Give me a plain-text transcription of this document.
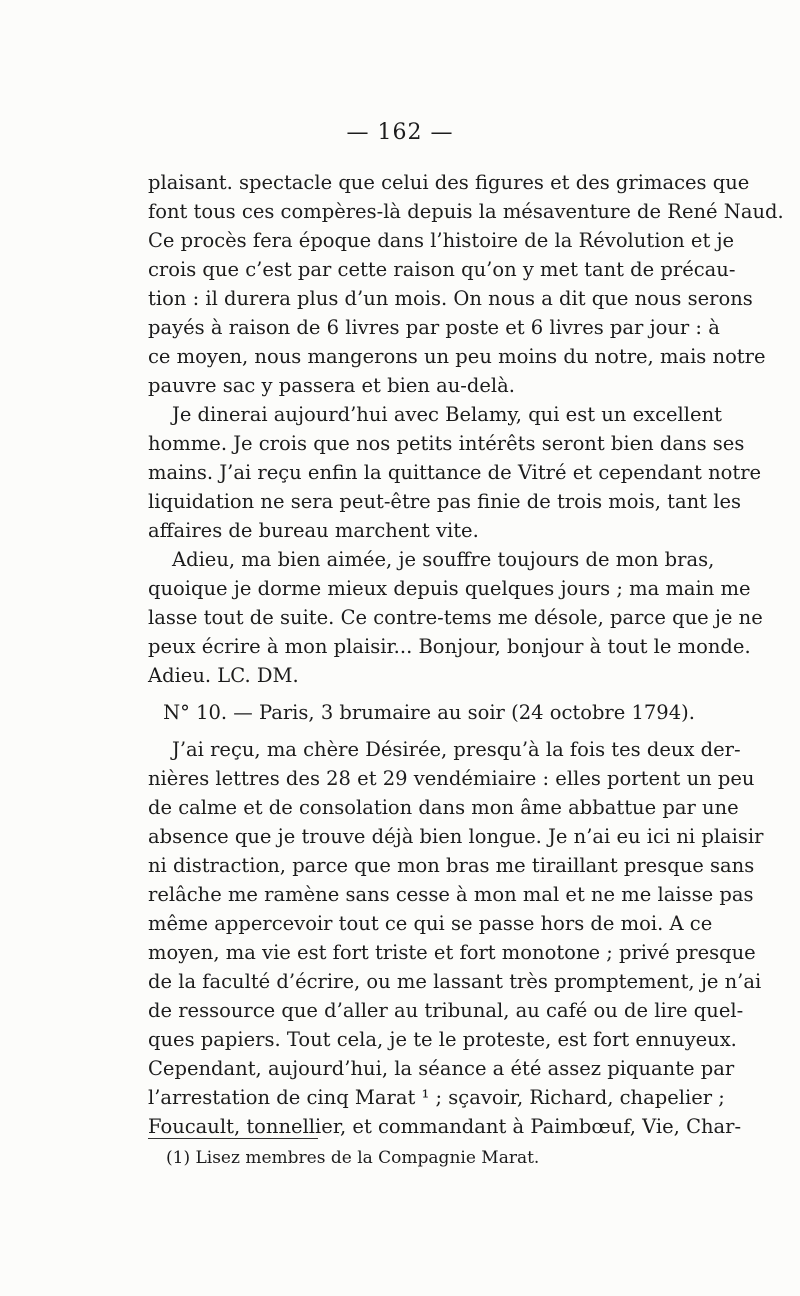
— 162 —
plaisant. spectacle que celui des figures et des grimaces que
font tous ces compères-là depuis la mésaventure de René Naud.
Ce procès fera époque dans l’histoire de la Révolution et je
crois que c’est par cette raison qu’on y met tant de précau-
tion : il durera plus d’un mois. On nous a dit que nous serons
payés à raison de 6 livres par poste et 6 livres par jour : à
ce moyen, nous mangerons un peu moins du notre, mais notre
pauvre sac y passera et bien au-delà.
Je dinerai aujourd’hui avec Belamy, qui est un excellent
homme. Je crois que nos petits intérêts seront bien dans ses
mains. J’ai reçu enfin la quittance de Vitré et cependant notre
liquidation ne sera peut-être pas finie de trois mois, tant les
affaires de bureau marchent vite.
Adieu, ma bien aimée, je souffre toujours de mon bras,
quoique je dorme mieux depuis quelques jours ; ma main me
lasse tout de suite. Ce contre-tems me désole, parce que je ne
peux écrire à mon plaisir... Bonjour, bonjour à tout le monde.
Adieu. LC. DM.
N° 10. — Paris, 3 brumaire au soir (24 octobre 1794).
J’ai reçu, ma chère Désirée, presqu’à la fois tes deux der-
nières lettres des 28 et 29 vendémiaire : elles portent un peu
de calme et de consolation dans mon âme abbattue par une
absence que je trouve déjà bien longue. Je n’ai eu ici ni plaisir
ni distraction, parce que mon bras me tiraillant presque sans
relâche me ramène sans cesse à mon mal et ne me laisse pas
même appercevoir tout ce qui se passe hors de moi. A ce
moyen, ma vie est fort triste et fort monotone ; privé presque
de la faculté d’écrire, ou me lassant très promptement, je n’ai
de ressource que d’aller au tribunal, au café ou de lire quel-
ques papiers. Tout cela, je te le proteste, est fort ennuyeux.
Cependant, aujourd’hui, la séance a été assez piquante par
l’arrestation de cinq Marat ¹ ; sçavoir, Richard, chapelier ;
Foucault, tonnellier, et commandant à Paimbœuf, Vie, Char-
(1) Lisez membres de la Compagnie Marat.
